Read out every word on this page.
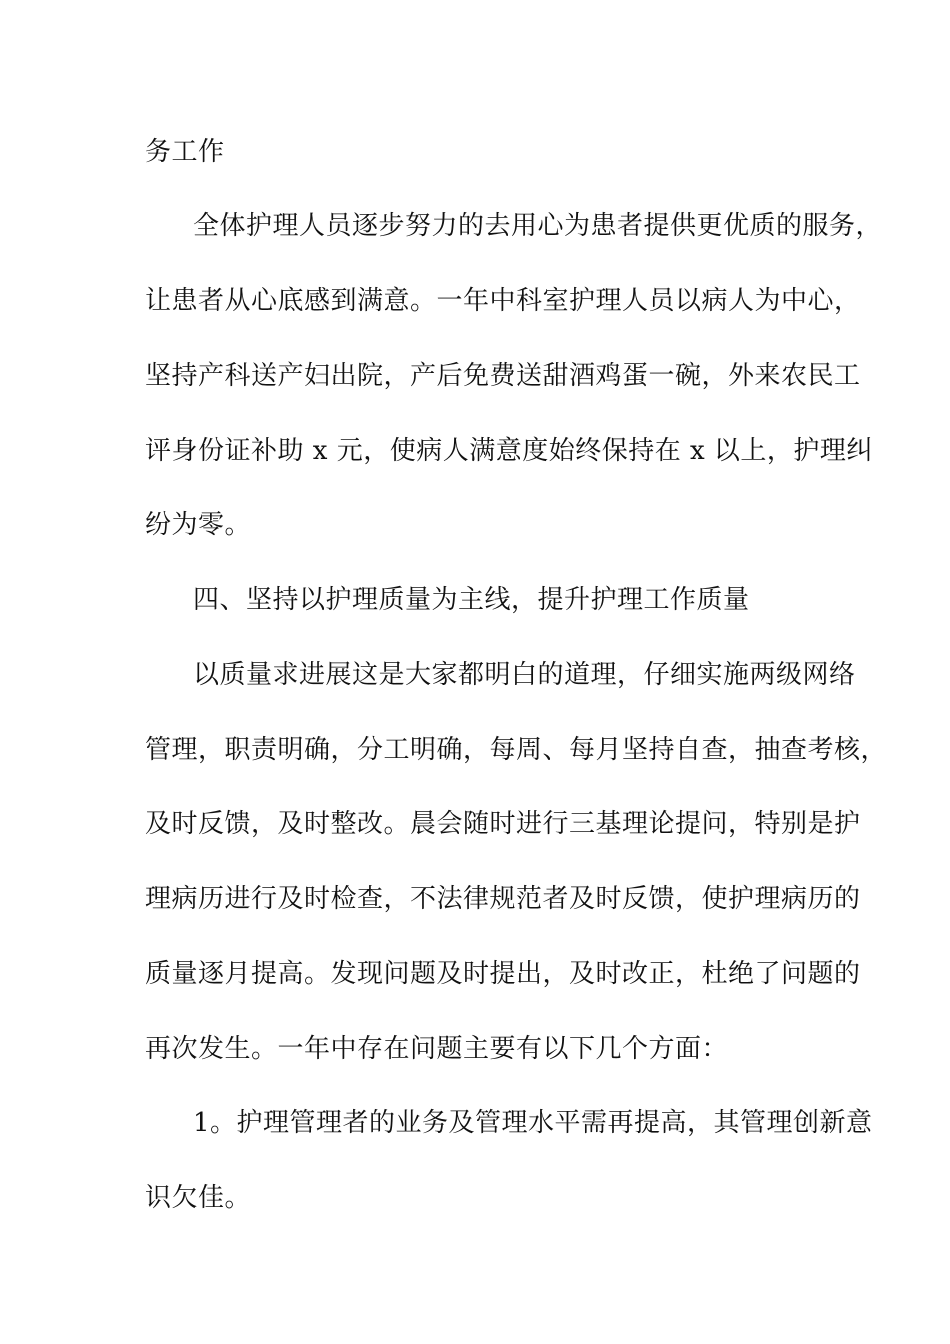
务工作
全体护理人员逐步努力的去用心为患者提供更优质的服务，
让患者从心底感到满意。一年中科室护理人员以病人为中心，
坚持产科送产妇出院，产后免费送甜酒鸡蛋一碗，外来农民工
评身份证补助 x 元，使病人满意度始终保持在 x 以上，护理纠
纷为零。
四、坚持以护理质量为主线，提升护理工作质量
以质量求进展这是大家都明白的道理，仔细实施两级网络
管理，职责明确，分工明确，每周、每月坚持自查，抽查考核，
及时反馈，及时整改。晨会随时进行三基理论提问，特别是护
理病历进行及时检查，不法律规范者及时反馈，使护理病历的
质量逐月提高。发现问题及时提出，及时改正，杜绝了问题的
再次发生。一年中存在问题主要有以下几个方面：
1。护理管理者的业务及管理水平需再提高，其管理创新意
识欠佳。
